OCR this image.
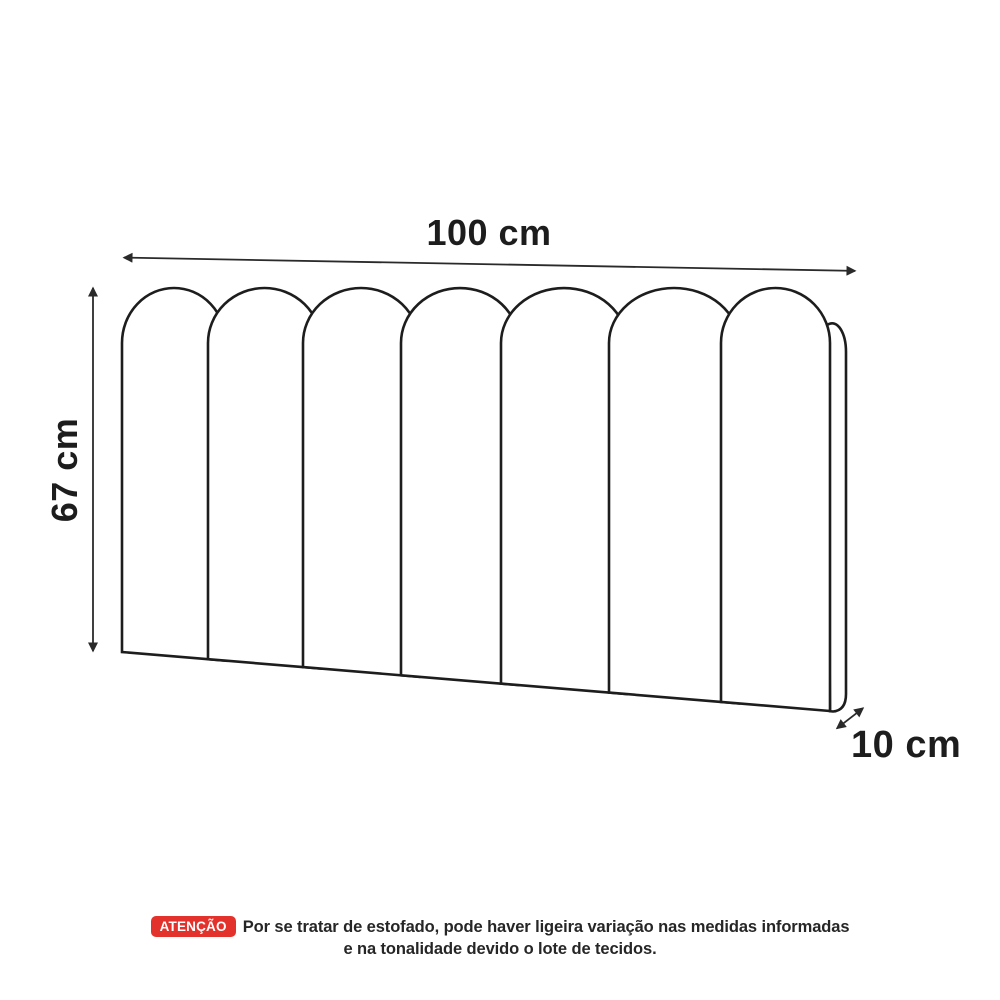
100 cm
67 cm
10 cm

ATENÇÃO Por se tratar de estofado, pode haver ligeira variação nas medidas informadas

e na tonalidade devido o lote de tecidos.
